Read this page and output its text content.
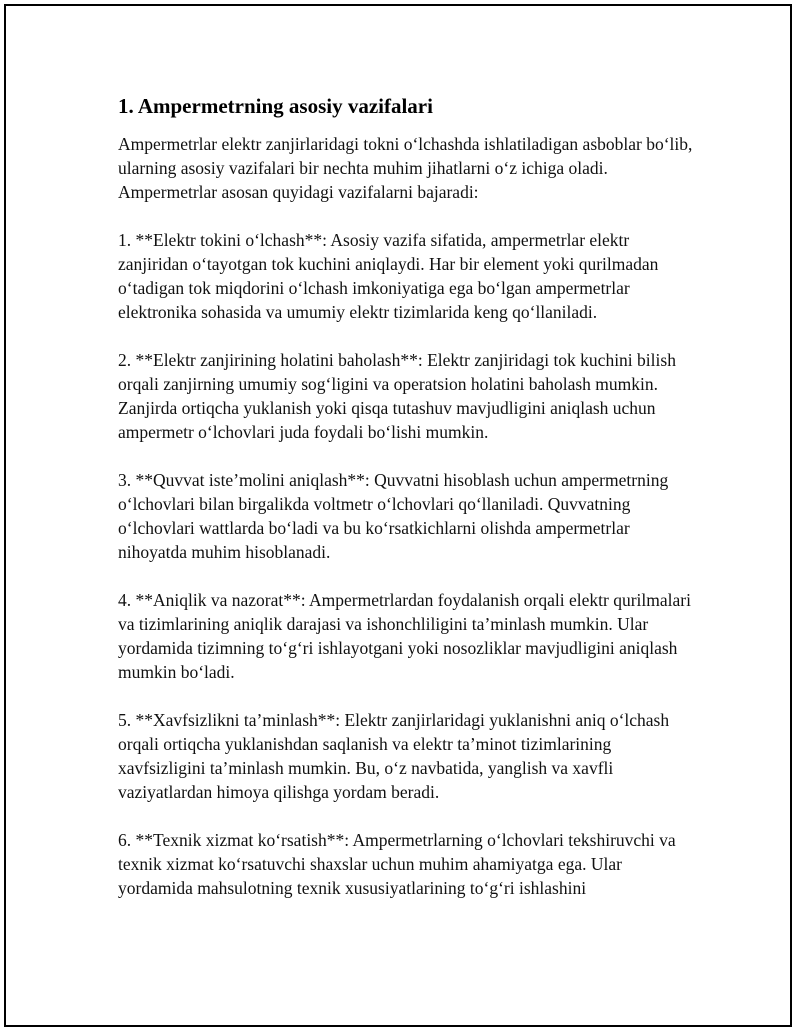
1. Ampermetrning asosiy vazifalari

Ampermetrlar elektr zanjirlaridagi tokni oʻlchashda ishlatiladigan asboblar boʻlib, ularning asosiy vazifalari bir nechta muhim jihatlarni oʻz ichiga oladi. Ampermetrlar asosan quyidagi vazifalarni bajaradi:

1. **Elektr tokini oʻlchash**: Asosiy vazifa sifatida, ampermetrlar elektr zanjiridan oʻtayotgan tok kuchini aniqlaydi. Har bir element yoki qurilmadan oʻtadigan tok miqdorini oʻlchash imkoniyatiga ega boʻlgan ampermetrlar elektronika sohasida va umumiy elektr tizimlarida keng qoʻllaniladi.

2. **Elektr zanjirining holatini baholash**: Elektr zanjiridagi tok kuchini bilish orqali zanjirning umumiy sogʻligini va operatsion holatini baholash mumkin. Zanjirda ortiqcha yuklanish yoki qisqa tutashuv mavjudligini aniqlash uchun ampermetr oʻlchovlari juda foydali boʻlishi mumkin.

3. **Quvvat isteʼmolini aniqlash**: Quvvatni hisoblash uchun ampermetrning oʻlchovlari bilan birgalikda voltmetr oʻlchovlari qoʻllaniladi. Quvvatning oʻlchovlari wattlarda boʻladi va bu koʻrsatkichlarni olishda ampermetrlar nihoyatda muhim hisoblanadi.

4. **Aniqlik va nazorat**: Ampermetrlardan foydalanish orqali elektr qurilmalari va tizimlarining aniqlik darajasi va ishonchliligini taʼminlash mumkin. Ular yordamida tizimning toʻgʻri ishlayotgani yoki nosozliklar mavjudligini aniqlash mumkin boʻladi.

5. **Xavfsizlikni taʼminlash**: Elektr zanjirlaridagi yuklanishni aniq oʻlchash orqali ortiqcha yuklanishdan saqlanish va elektr taʼminot tizimlarining xavfsizligini taʼminlash mumkin. Bu, oʻz navbatida, yanglish va xavfli vaziyatlardan himoya qilishga yordam beradi.

6. **Texnik xizmat koʻrsatish**: Ampermetrlarning oʻlchovlari tekshiruvchi va texnik xizmat koʻrsatuvchi shaxslar uchun muhim ahamiyatga ega. Ular yordamida mahsulotning texnik xususiyatlarining toʻgʻri ishlashini
